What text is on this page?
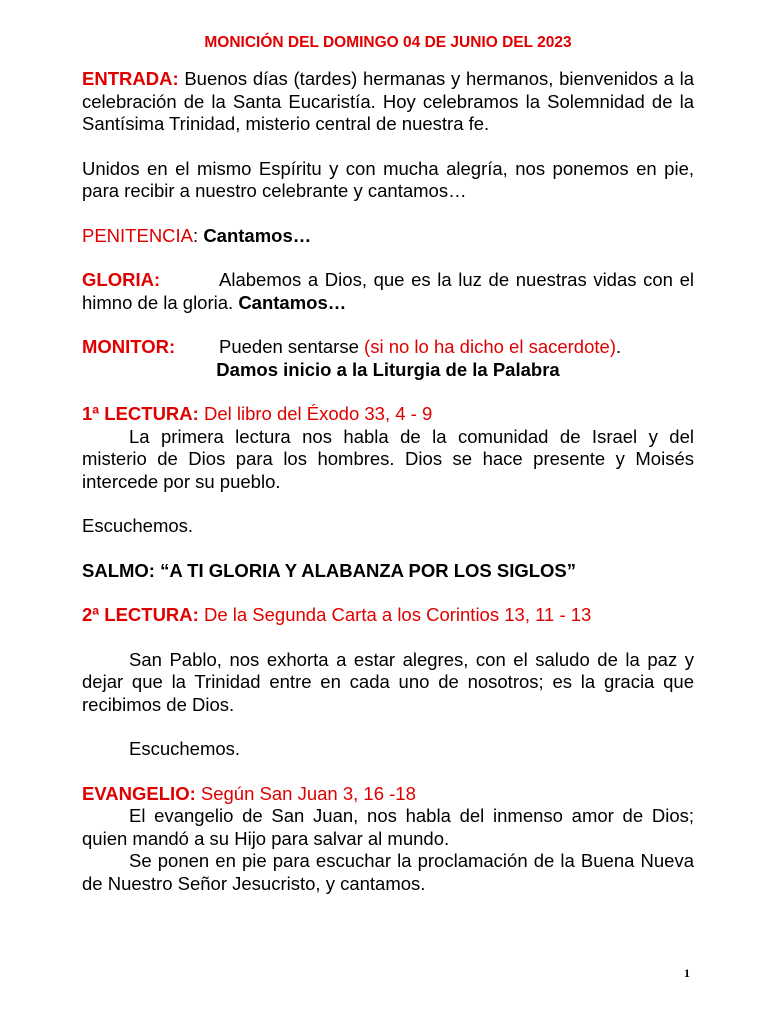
MONICIÓN DEL DOMINGO 04 DE JUNIO DEL 2023

ENTRADA: Buenos días (tardes) hermanas y hermanos, bienvenidos a la celebración de la Santa Eucaristía. Hoy celebramos la Solemnidad de la Santísima Trinidad, misterio central de nuestra fe.

Unidos en el mismo Espíritu y con mucha alegría, nos ponemos en pie, para recibir a nuestro celebrante y cantamos…

PENITENCIA: Cantamos…

GLORIA:	Alabemos a Dios, que es la luz de nuestras vidas con el himno de la gloria. Cantamos…

MONITOR: Pueden sentarse (si no lo ha dicho el sacerdote).

Damos inicio a la Liturgia de la Palabra

1ª LECTURA: Del libro del Éxodo 33, 4 - 9

La primera lectura nos habla de la comunidad de Israel y del misterio de Dios para los hombres. Dios se hace presente y Moisés intercede por su pueblo.

Escuchemos.

SALMO: “A TI GLORIA Y ALABANZA POR LOS SIGLOS”

2ª LECTURA: De la Segunda Carta a los Corintios 13, 11 - 13

San Pablo, nos exhorta a estar alegres, con el saludo de la paz y dejar que la Trinidad entre en cada uno de nosotros; es la gracia que recibimos de Dios.

Escuchemos.

EVANGELIO: Según San Juan 3, 16 -18

El evangelio de San Juan, nos habla del inmenso amor de Dios; quien mandó a su Hijo para salvar al mundo.

Se ponen en pie para escuchar la proclamación de la Buena Nueva de Nuestro Señor Jesucristo, y cantamos.

1
